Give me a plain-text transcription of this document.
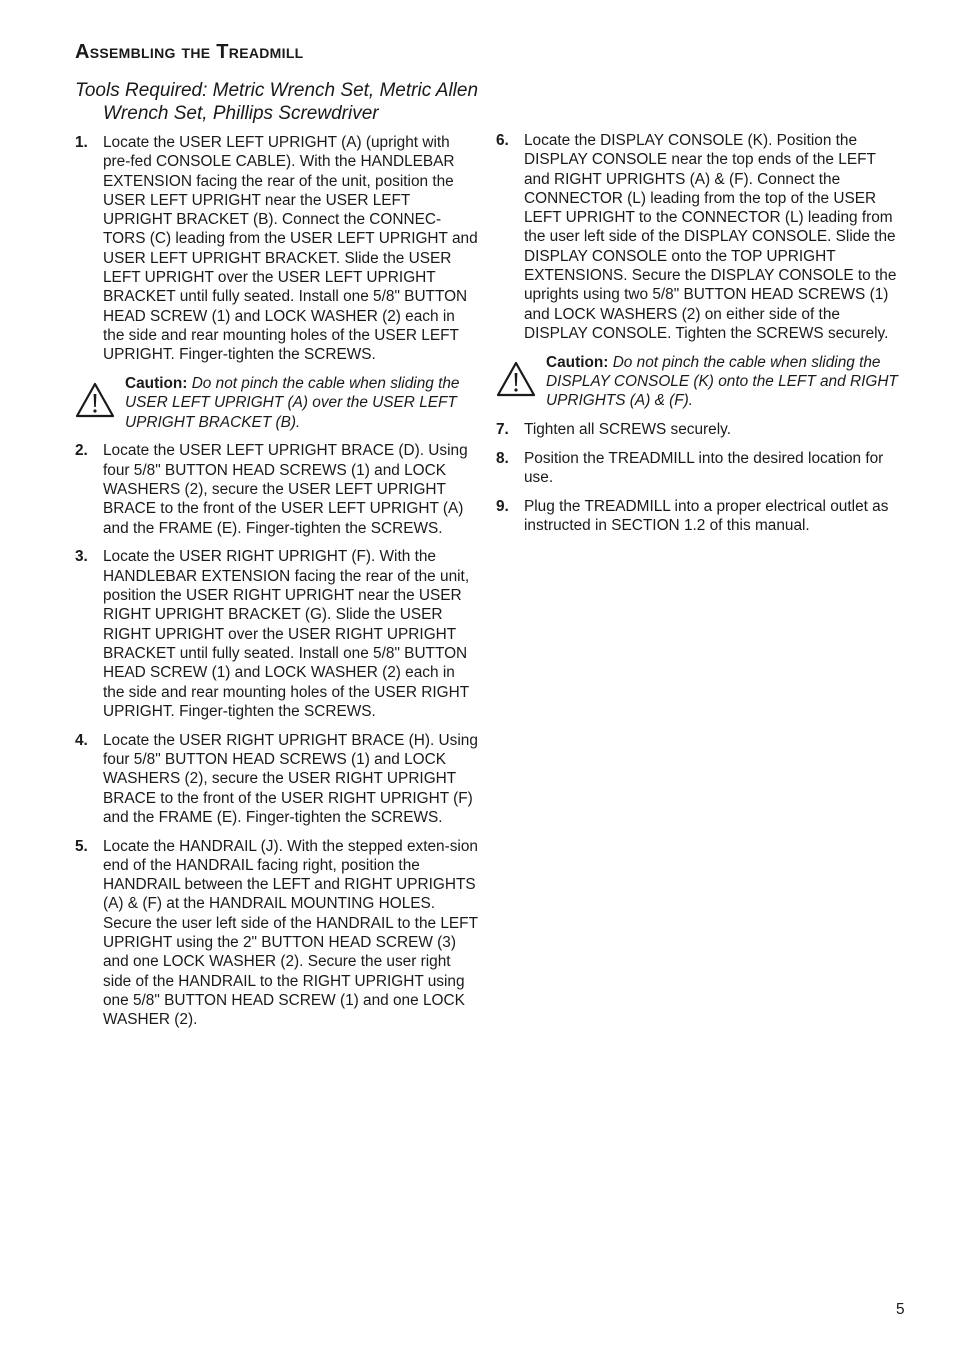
Assembling the Treadmill

Tools Required: Metric Wrench Set, Metric Allen Wrench Set, Phillips Screwdriver

1. Locate the USER LEFT UPRIGHT (A) (upright with pre-fed CONSOLE CABLE). With the HANDLEBAR EXTENSION facing the rear of the unit, position the USER LEFT UPRIGHT near the USER LEFT UPRIGHT BRACKET (B). Connect the CONNEC-TORS (C) leading from the USER LEFT UPRIGHT and USER LEFT UPRIGHT BRACKET. Slide the USER LEFT UPRIGHT over the USER LEFT UPRIGHT BRACKET until fully seated. Install one 5/8" BUTTON HEAD SCREW (1) and LOCK WASHER (2) each in the side and rear mounting holes of the USER LEFT UPRIGHT. Finger-tighten the SCREWS.
Caution: Do not pinch the cable when sliding the USER LEFT UPRIGHT (A) over the USER LEFT UPRIGHT BRACKET (B).
2. Locate the USER LEFT UPRIGHT BRACE (D). Using four 5/8" BUTTON HEAD SCREWS (1) and LOCK WASHERS (2), secure the USER LEFT UPRIGHT BRACE to the front of the USER LEFT UPRIGHT (A) and the FRAME (E). Finger-tighten the SCREWS.
3. Locate the USER RIGHT UPRIGHT (F). With the HANDLEBAR EXTENSION facing the rear of the unit, position the USER RIGHT UPRIGHT near the USER RIGHT UPRIGHT BRACKET (G). Slide the USER RIGHT UPRIGHT over the USER RIGHT UPRIGHT BRACKET until fully seated. Install one 5/8" BUTTON HEAD SCREW (1) and LOCK WASHER (2) each in the side and rear mounting holes of the USER RIGHT UPRIGHT. Finger-tighten the SCREWS.
4. Locate the USER RIGHT UPRIGHT BRACE (H). Using four 5/8" BUTTON HEAD SCREWS (1) and LOCK WASHERS (2), secure the USER RIGHT UPRIGHT BRACE to the front of the USER RIGHT UPRIGHT (F) and the FRAME (E). Finger-tighten the SCREWS.
5. Locate the HANDRAIL (J). With the stepped exten-sion end of the HANDRAIL facing right, position the HANDRAIL between the LEFT and RIGHT UPRIGHTS (A) & (F) at the HANDRAIL MOUNTING HOLES. Secure the user left side of the HANDRAIL to the LEFT UPRIGHT using the 2" BUTTON HEAD SCREW (3) and one LOCK WASHER (2). Secure the user right side of the HANDRAIL to the RIGHT UPRIGHT using one 5/8" BUTTON HEAD SCREW (1) and one LOCK WASHER (2).
6. Locate the DISPLAY CONSOLE (K). Position the DISPLAY CONSOLE near the top ends of the LEFT and RIGHT UPRIGHTS (A) & (F). Connect the CONNECTOR (L) leading from the top of the USER LEFT UPRIGHT to the CONNECTOR (L) leading from the user left side of the DISPLAY CONSOLE. Slide the DISPLAY CONSOLE onto the TOP UPRIGHT EXTENSIONS. Secure the DISPLAY CONSOLE to the uprights using two 5/8" BUTTON HEAD SCREWS (1) and LOCK WASHERS (2) on either side of the DISPLAY CONSOLE. Tighten the SCREWS securely.
Caution: Do not pinch the cable when sliding the DISPLAY CONSOLE (K) onto the LEFT and RIGHT UPRIGHTS (A) & (F).
7. Tighten all SCREWS securely.
8. Position the TREADMILL into the desired location for use.
9. Plug the TREADMILL into a proper electrical outlet as instructed in SECTION 1.2 of this manual.
5
